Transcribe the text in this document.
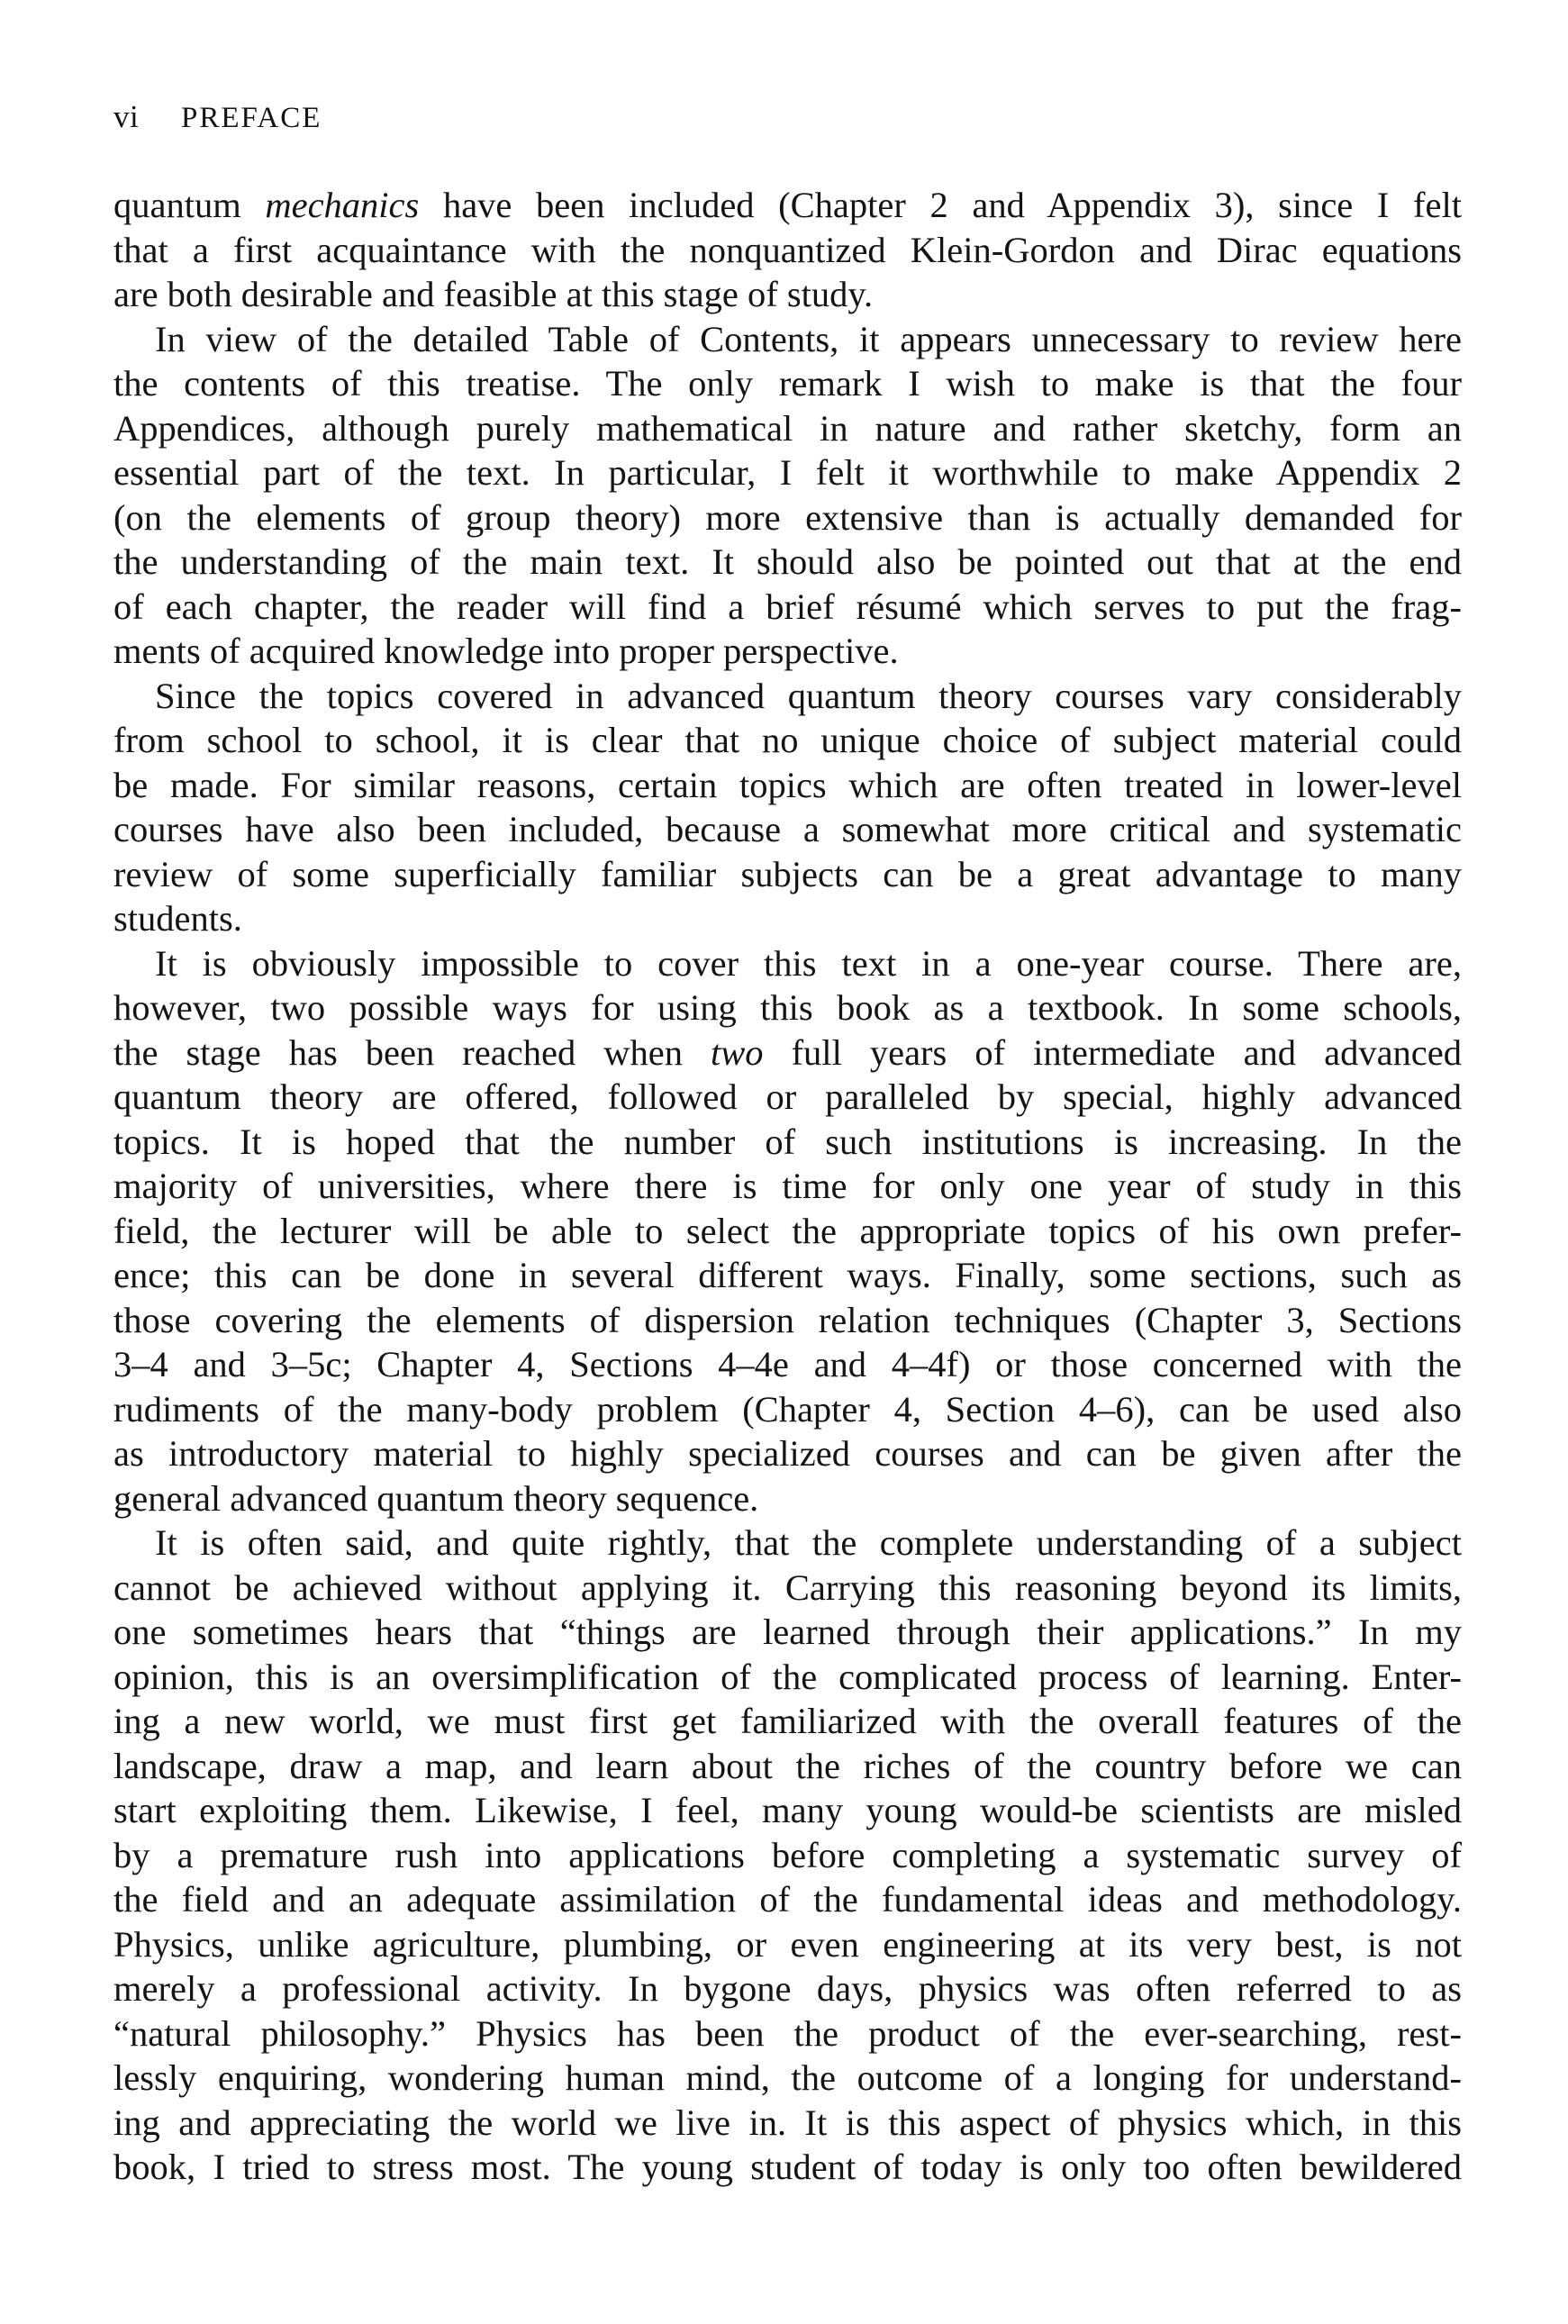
vi PREFACE
quantum mechanics have been included (Chapter 2 and Appendix 3), since I felt
that a first acquaintance with the nonquantized Klein-Gordon and Dirac equations
are both desirable and feasible at this stage of study.
In view of the detailed Table of Contents, it appears unnecessary to review here
the contents of this treatise. The only remark I wish to make is that the four
Appendices, although purely mathematical in nature and rather sketchy, form an
essential part of the text. In particular, I felt it worthwhile to make Appendix 2
(on the elements of group theory) more extensive than is actually demanded for
the understanding of the main text. It should also be pointed out that at the end
of each chapter, the reader will find a brief résumé which serves to put the frag-
ments of acquired knowledge into proper perspective.
Since the topics covered in advanced quantum theory courses vary considerably
from school to school, it is clear that no unique choice of subject material could
be made. For similar reasons, certain topics which are often treated in lower-level
courses have also been included, because a somewhat more critical and systematic
review of some superficially familiar subjects can be a great advantage to many
students.
It is obviously impossible to cover this text in a one-year course. There are,
however, two possible ways for using this book as a textbook. In some schools,
the stage has been reached when two full years of intermediate and advanced
quantum theory are offered, followed or paralleled by special, highly advanced
topics. It is hoped that the number of such institutions is increasing. In the
majority of universities, where there is time for only one year of study in this
field, the lecturer will be able to select the appropriate topics of his own prefer-
ence; this can be done in several different ways. Finally, some sections, such as
those covering the elements of dispersion relation techniques (Chapter 3, Sections
3–4 and 3–5c; Chapter 4, Sections 4–4e and 4–4f) or those concerned with the
rudiments of the many-body problem (Chapter 4, Section 4–6), can be used also
as introductory material to highly specialized courses and can be given after the
general advanced quantum theory sequence.
It is often said, and quite rightly, that the complete understanding of a subject
cannot be achieved without applying it. Carrying this reasoning beyond its limits,
one sometimes hears that “things are learned through their applications.” In my
opinion, this is an oversimplification of the complicated process of learning. Enter-
ing a new world, we must first get familiarized with the overall features of the
landscape, draw a map, and learn about the riches of the country before we can
start exploiting them. Likewise, I feel, many young would-be scientists are misled
by a premature rush into applications before completing a systematic survey of
the field and an adequate assimilation of the fundamental ideas and methodology.
Physics, unlike agriculture, plumbing, or even engineering at its very best, is not
merely a professional activity. In bygone days, physics was often referred to as
“natural philosophy.” Physics has been the product of the ever-searching, rest-
lessly enquiring, wondering human mind, the outcome of a longing for understand-
ing and appreciating the world we live in. It is this aspect of physics which, in this
book, I tried to stress most. The young student of today is only too often bewildered
